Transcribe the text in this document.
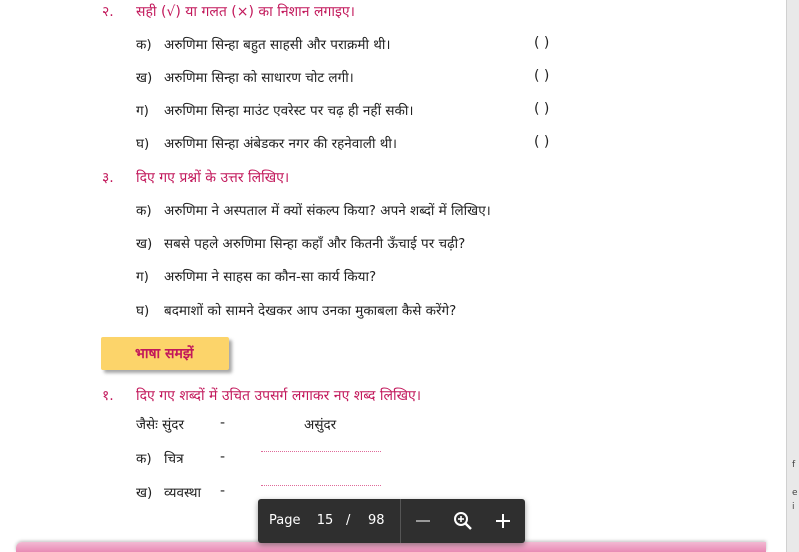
२. सही (√) या गलत (×) का निशान लगाइए।
क) अरुणिमा सिन्हा बहुत साहसी और पराक्रमी थी।	( )
ख) अरुणिमा सिन्हा को साधारण चोट लगी।	( )
ग) अरुणिमा सिन्हा माउंट एवरेस्ट पर चढ़ ही नहीं सकी।	( )
घ) अरुणिमा सिन्हा अंबेडकर नगर की रहनेवाली थी।	( )
३. दिए गए प्रश्नों के उत्तर लिखिए।
क) अरुणिमा ने अस्पताल में क्यों संकल्प किया? अपने शब्दों में लिखिए।
ख) सबसे पहले अरुणिमा सिन्हा कहाँ और कितनी ऊँचाई पर चढ़ी?
ग) अरुणिमा ने साहस का कौन-सा कार्य किया?
घ) बदमाशों को सामने देखकर आप उनका मुकाबला कैसे करेंगे?
भाषा समझें
१. दिए गए शब्दों में उचित उपसर्ग लगाकर नए शब्द लिखिए।
जैसेः सुंदर	-	असुंदर
क) चित्र	-
ख) व्यवस्था -
f
e
i
Page
15	/ 98
